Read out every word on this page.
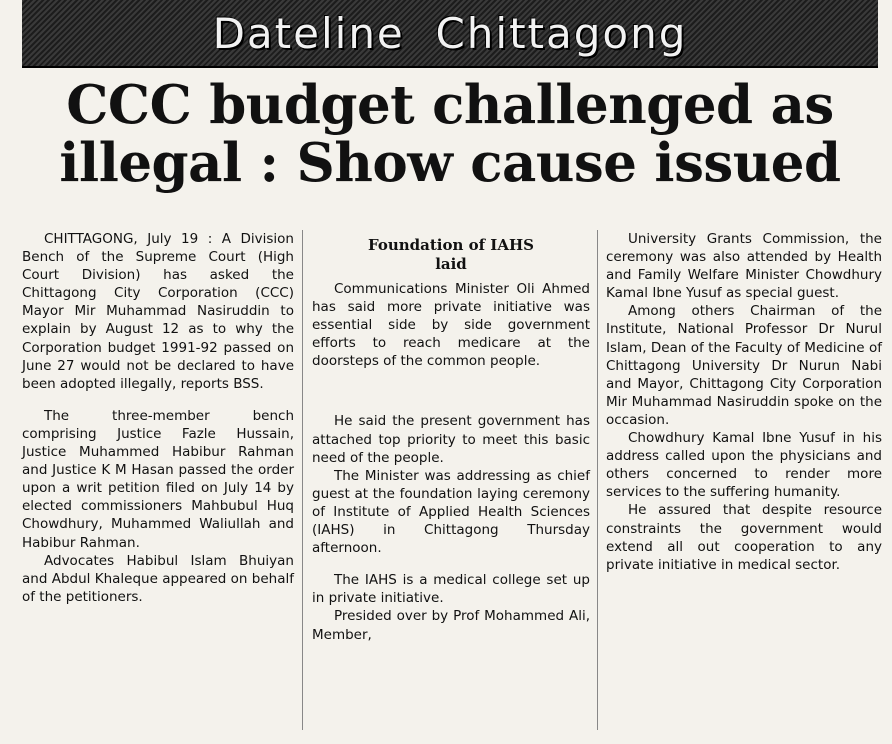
Dateline  Chittagong
CCC budget challenged as
illegal : Show cause issued

CHITTAGONG, July 19 : A Division Bench of the Supreme Court (High Court Division) has asked the Chittagong City Corporation (CCC) Mayor Mir Muhammad Nasiruddin to explain by August 12 as to why the Corporation budget 1991-92 passed on June 27 would not be declared to have been adopted illegally, reports BSS.

The three-member bench comprising Justice Fazle Hussain, Justice Muhammed Habibur Rahman and Justice K M Hasan passed the order upon a writ petition filed on July 14 by elected commissioners Mahbubul Huq Chowdhury, Muhammed Waliullah and Habibur Rahman.

Advocates Habibul Islam Bhuiyan and Abdul Khaleque appeared on behalf of the petitioners.

Foundation of IAHS
laid

Communications Minister Oli Ahmed has said more private initiative was essential side by side government efforts to reach medicare at the doorsteps of the common people.

He said the present government has attached top priority to meet this basic need of the people.

The Minister was addressing as chief guest at the foundation laying ceremony of Institute of Applied Health Sciences (IAHS) in Chittagong Thursday afternoon.

The IAHS is a medical college set up in private initiative.

Presided over by Prof Mohammed Ali, Member,

University Grants Commission, the ceremony was also attended by Health and Family Welfare Minister Chowdhury Kamal Ibne Yusuf as special guest.

Among others Chairman of the Institute, National Professor Dr Nurul Islam, Dean of the Faculty of Medicine of Chittagong University Dr Nurun Nabi and Mayor, Chittagong City Corporation Mir Muhammad Nasiruddin spoke on the occasion.

Chowdhury Kamal Ibne Yusuf in his address called upon the physicians and others concerned to render more services to the suffering humanity.

He assured that despite resource constraints the government would extend all out cooperation to any private initiative in medical sector.
